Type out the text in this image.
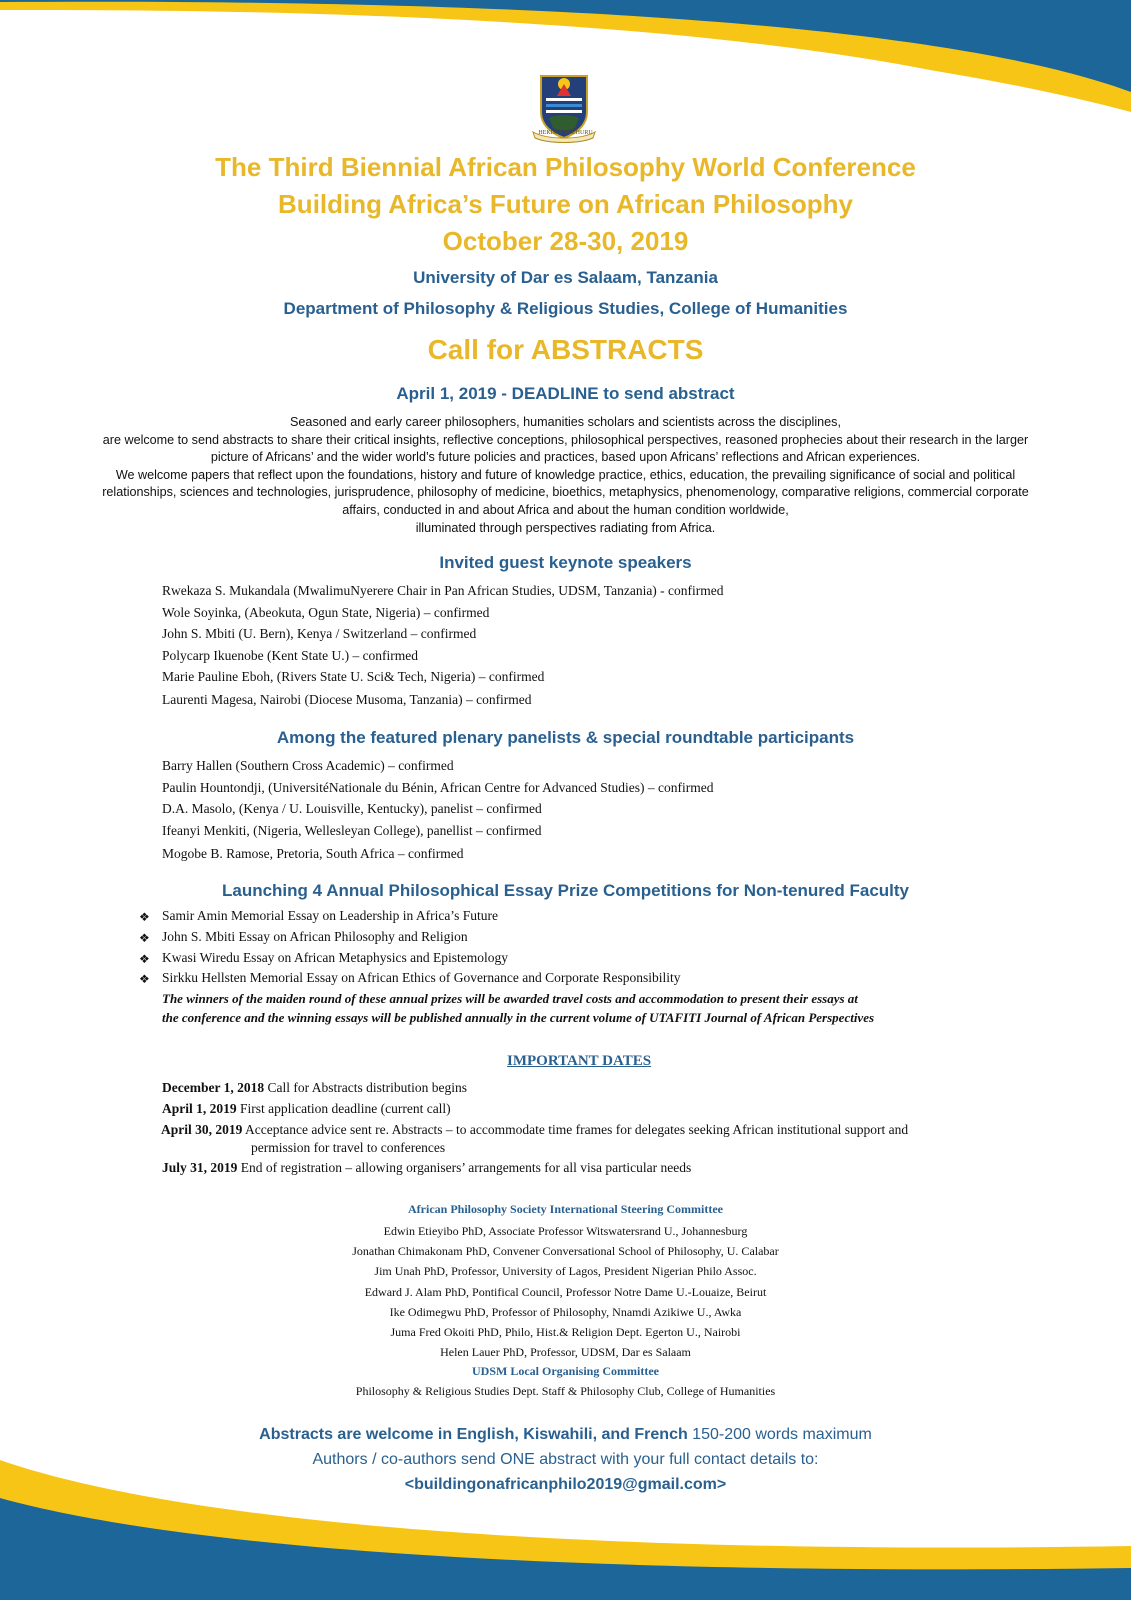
HEKIMA NI UHURU
The Third Biennial African Philosophy World Conference
Building Africa’s Future on African Philosophy
October 28-30, 2019
University of Dar es Salaam, Tanzania
Department of Philosophy & Religious Studies, College of Humanities
Call for ABSTRACTS
April 1, 2019 - DEADLINE to send abstract
Seasoned and early career philosophers, humanities scholars and scientists across the disciplines,
are welcome to send abstracts to share their critical insights, reflective conceptions, philosophical perspectives, reasoned prophecies about their research in the larger
picture of Africans’ and the wider world’s future policies and practices, based upon Africans’ reflections and African experiences.
We welcome papers that reflect upon the foundations, history and future of knowledge practice, ethics, education, the prevailing significance of social and political
relationships, sciences and technologies, jurisprudence, philosophy of medicine, bioethics, metaphysics, phenomenology, comparative religions, commercial corporate
affairs, conducted in and about Africa and about the human condition worldwide,
illuminated through perspectives radiating from Africa.
Invited guest keynote speakers
Rwekaza S. Mukandala (MwalimuNyerere Chair in Pan African Studies, UDSM, Tanzania) - confirmed
Wole Soyinka, (Abeokuta, Ogun State, Nigeria) – confirmed
John S. Mbiti (U. Bern), Kenya / Switzerland – confirmed
Polycarp Ikuenobe (Kent State U.) – confirmed
Marie Pauline Eboh, (Rivers State U. Sci& Tech, Nigeria) – confirmed
Laurenti Magesa, Nairobi (Diocese Musoma, Tanzania) – confirmed
Among the featured plenary panelists & special roundtable participants
Barry Hallen (Southern Cross Academic) – confirmed
Paulin Hountondji, (UniversitéNationale du Bénin, African Centre for Advanced Studies) – confirmed
D.A. Masolo, (Kenya / U. Louisville, Kentucky), panelist – confirmed
Ifeanyi Menkiti, (Nigeria, Wellesleyan College), panellist – confirmed
Mogobe B. Ramose, Pretoria, South Africa – confirmed
Launching 4 Annual Philosophical Essay Prize Competitions for Non-tenured Faculty
❖ Samir Amin Memorial Essay on Leadership in Africa’s Future
❖ John S. Mbiti Essay on African Philosophy and Religion
❖ Kwasi Wiredu Essay on African Metaphysics and Epistemology
❖ Sirkku Hellsten Memorial Essay on African Ethics of Governance and Corporate Responsibility
The winners of the maiden round of these annual prizes will be awarded travel costs and accommodation to present their essays at
the conference and the winning essays will be published annually in the current volume of UTAFITI Journal of African Perspectives
IMPORTANT DATES
December 1, 2018 Call for Abstracts distribution begins
April 1, 2019 First application deadline (current call)
April 30, 2019 Acceptance advice sent re. Abstracts – to accommodate time frames for delegates seeking African institutional support and
permission for travel to conferences
July 31, 2019 End of registration – allowing organisers’ arrangements for all visa particular needs
African Philosophy Society International Steering Committee
Edwin Etieyibo PhD, Associate Professor Witswatersrand U., Johannesburg
Jonathan Chimakonam PhD, Convener Conversational School of Philosophy, U. Calabar
Jim Unah PhD, Professor, University of Lagos, President Nigerian Philo Assoc.
Edward J. Alam PhD, Pontifical Council, Professor Notre Dame U.-Louaize, Beirut
Ike Odimegwu PhD, Professor of Philosophy, Nnamdi Azikiwe U., Awka
Juma Fred Okoiti PhD, Philo, Hist.& Religion Dept. Egerton U., Nairobi
Helen Lauer PhD, Professor, UDSM, Dar es Salaam
UDSM Local Organising Committee
Philosophy & Religious Studies Dept. Staff & Philosophy Club, College of Humanities
Abstracts are welcome in English, Kiswahili, and French 150-200 words maximum
Authors / co-authors send ONE abstract with your full contact details to:
<buildingonafricanphilo2019@gmail.com>
